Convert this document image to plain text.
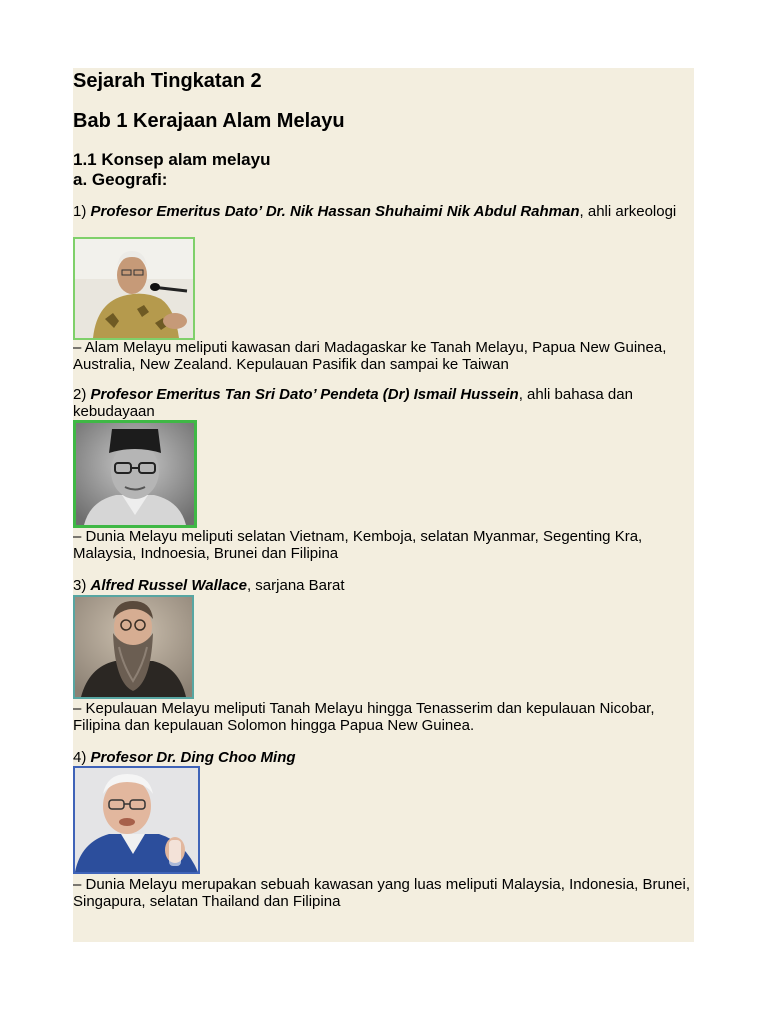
Sejarah Tingkatan 2
Bab 1 Kerajaan Alam Melayu
1.1 Konsep alam melayu
a. Geografi:
1) Profesor Emeritus Dato’ Dr. Nik Hassan Shuhaimi Nik Abdul Rahman, ahli arkeologi
– Alam Melayu meliputi kawasan dari Madagaskar ke Tanah Melayu, Papua New Guinea, Australia, New Zealand. Kepulauan Pasifik dan sampai ke Taiwan
2) Profesor Emeritus Tan Sri Dato’ Pendeta (Dr) Ismail Hussein, ahli bahasa dan kebudayaan
– Dunia Melayu meliputi selatan Vietnam, Kemboja, selatan Myanmar, Segenting Kra, Malaysia, Indnoesia, Brunei dan Filipina
3) Alfred Russel Wallace, sarjana Barat
– Kepulauan Melayu meliputi Tanah Melayu hingga Tenasserim dan kepulauan Nicobar, Filipina dan kepulauan Solomon hingga Papua New Guinea.
4) Profesor Dr. Ding Choo Ming
– Dunia Melayu merupakan sebuah kawasan yang luas meliputi Malaysia, Indonesia, Brunei, Singapura, selatan Thailand dan Filipina
